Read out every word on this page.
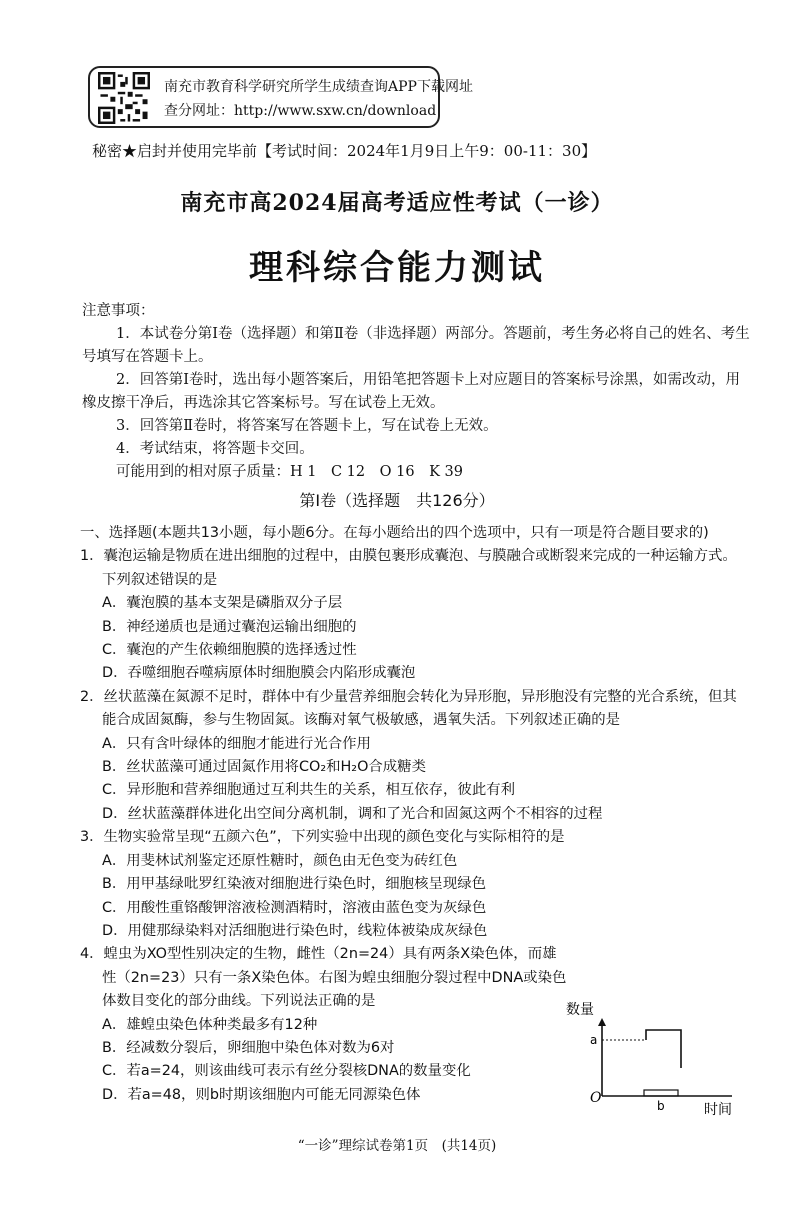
南充市教育科学研究所学生成绩查询APP下载网址
查分网址：http://www.sxw.cn/download
秘密★启封并使用完毕前【考试时间：2024年1月9日上午9：00-11：30】
南充市高2024届高考适应性考试（一诊）
理科综合能力测试

注意事项：

1．本试卷分第Ⅰ卷（选择题）和第Ⅱ卷（非选择题）两部分。答题前，考生务必将自己的姓名、考生号填写在答题卡上。

2．回答第Ⅰ卷时，选出每小题答案后，用铅笔把答题卡上对应题目的答案标号涂黑，如需改动，用橡皮擦干净后，再选涂其它答案标号。写在试卷上无效。

3．回答第Ⅱ卷时，将答案写在答题卡上，写在试卷上无效。

4．考试结束，将答题卡交回。

可能用到的相对原子质量：H 1　C 12　O 16　K 39

第Ⅰ卷（选择题　共126分）

一、选择题(本题共13小题，每小题6分。在每小题给出的四个选项中，只有一项是符合题目要求的)

1．囊泡运输是物质在进出细胞的过程中，由膜包裹形成囊泡、与膜融合或断裂来完成的一种运输方式。下列叙述错误的是

A．囊泡膜的基本支架是磷脂双分子层

B．神经递质也是通过囊泡运输出细胞的

C．囊泡的产生依赖细胞膜的选择透过性

D．吞噬细胞吞噬病原体时细胞膜会内陷形成囊泡

2．丝状蓝藻在氮源不足时，群体中有少量营养细胞会转化为异形胞，异形胞没有完整的光合系统，但其能合成固氮酶，参与生物固氮。该酶对氧气极敏感，遇氧失活。下列叙述正确的是

A．只有含叶绿体的细胞才能进行光合作用

B．丝状蓝藻可通过固氮作用将CO₂和H₂O合成糖类

C．异形胞和营养细胞通过互利共生的关系，相互依存，彼此有利

D．丝状蓝藻群体进化出空间分离机制，调和了光合和固氮这两个不相容的过程

3．生物实验常呈现“五颜六色”，下列实验中出现的颜色变化与实际相符的是

A．用斐林试剂鉴定还原性糖时，颜色由无色变为砖红色

B．用甲基绿吡罗红染液对细胞进行染色时，细胞核呈现绿色

C．用酸性重铬酸钾溶液检测酒精时，溶液由蓝色变为灰绿色

D．用健那绿染料对活细胞进行染色时，线粒体被染成灰绿色

4．蝗虫为XO型性别决定的生物，雌性（2n=24）具有两条X染色体，而雄性（2n=23）只有一条X染色体。右图为蝗虫细胞分裂过程中DNA或染色体数目变化的部分曲线。下列说法正确的是

A．雄蝗虫染色体种类最多有12种

B．经减数分裂后，卵细胞中染色体对数为6对

C．若a=24，则该曲线可表示有丝分裂核DNA的数量变化

D．若a=48，则b时期该细胞内可能无同源染色体

数量
O
a
b	时间
“一诊”理综试卷第1页　(共14页)
